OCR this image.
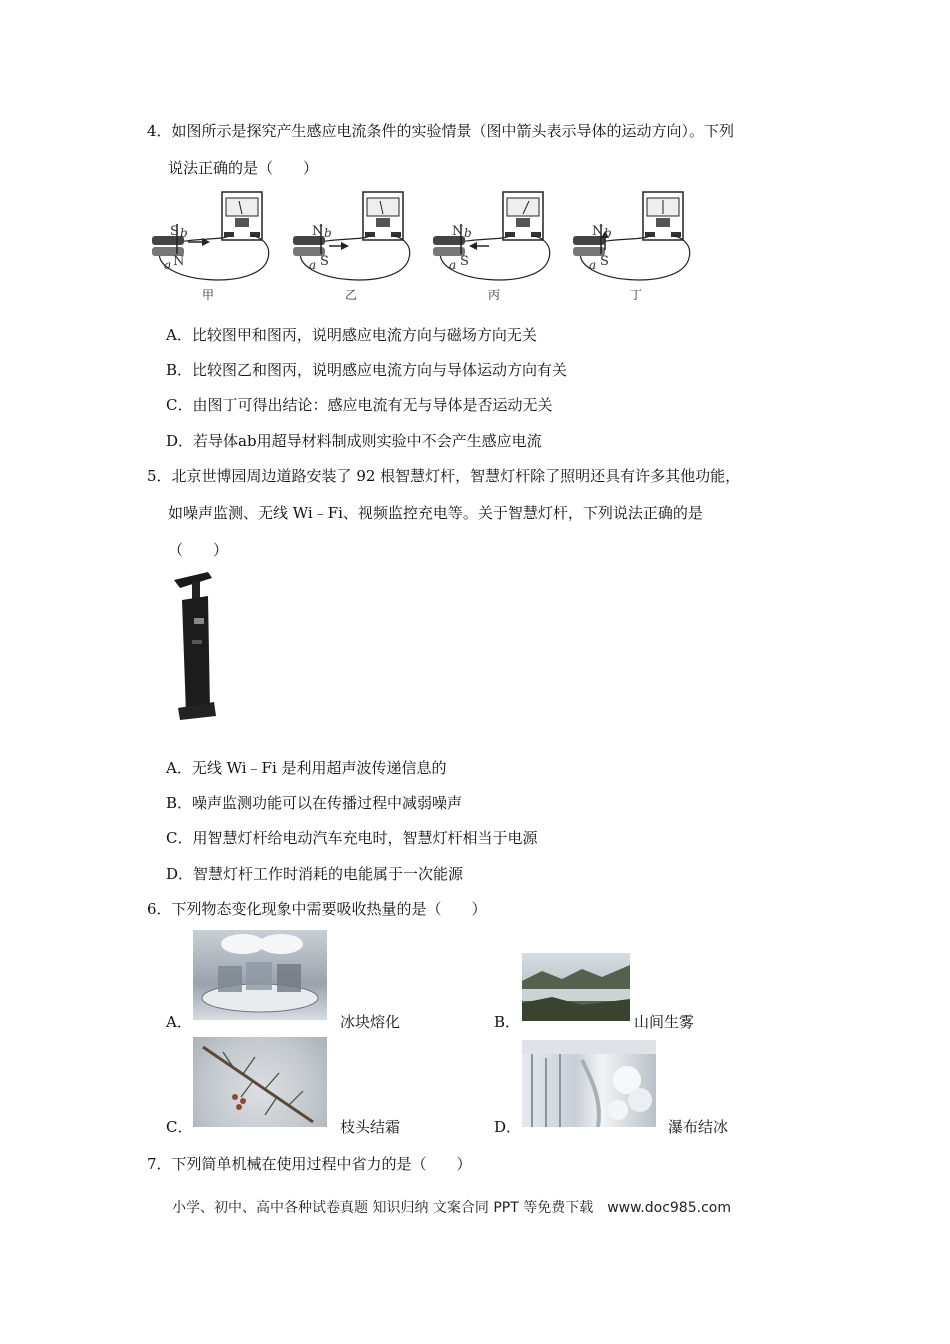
4．如图所示是探究产生感应电流条件的实验情景（图中箭头表示导体的运动方向）。下列
说法正确的是（　　）
S
N
a
b	N
S
a
b	N
S
a
b	N
S
a
b
甲	乙	丙	丁
A．比较图甲和图丙，说明感应电流方向与磁场方向无关
B．比较图乙和图丙，说明感应电流方向与导体运动方向有关
C．由图丁可得出结论：感应电流有无与导体是否运动无关
D．若导体ab用超导材料制成则实验中不会产生感应电流
5．北京世博园周边道路安装了 92 根智慧灯杆，智慧灯杆除了照明还具有许多其他功能，
如噪声监测、无线 Wi﹣Fi、视频监控充电等。关于智慧灯杆，下列说法正确的是
（　　）
A．无线 Wi﹣Fi 是利用超声波传递信息的
B．噪声监测功能可以在传播过程中减弱噪声
C．用智慧灯杆给电动汽车充电时，智慧灯杆相当于电源
D．智慧灯杆工作时消耗的电能属于一次能源
6．下列物态变化现象中需要吸收热量的是（　　）
A．	冰块熔化	B．	山间生雾
C．	枝头结霜	D．	瀑布结冰
7．下列简单机械在使用过程中省力的是（　　）
小学、初中、高中各种试卷真题 知识归纳 文案合同 PPT 等免费下载　www.doc985.com
